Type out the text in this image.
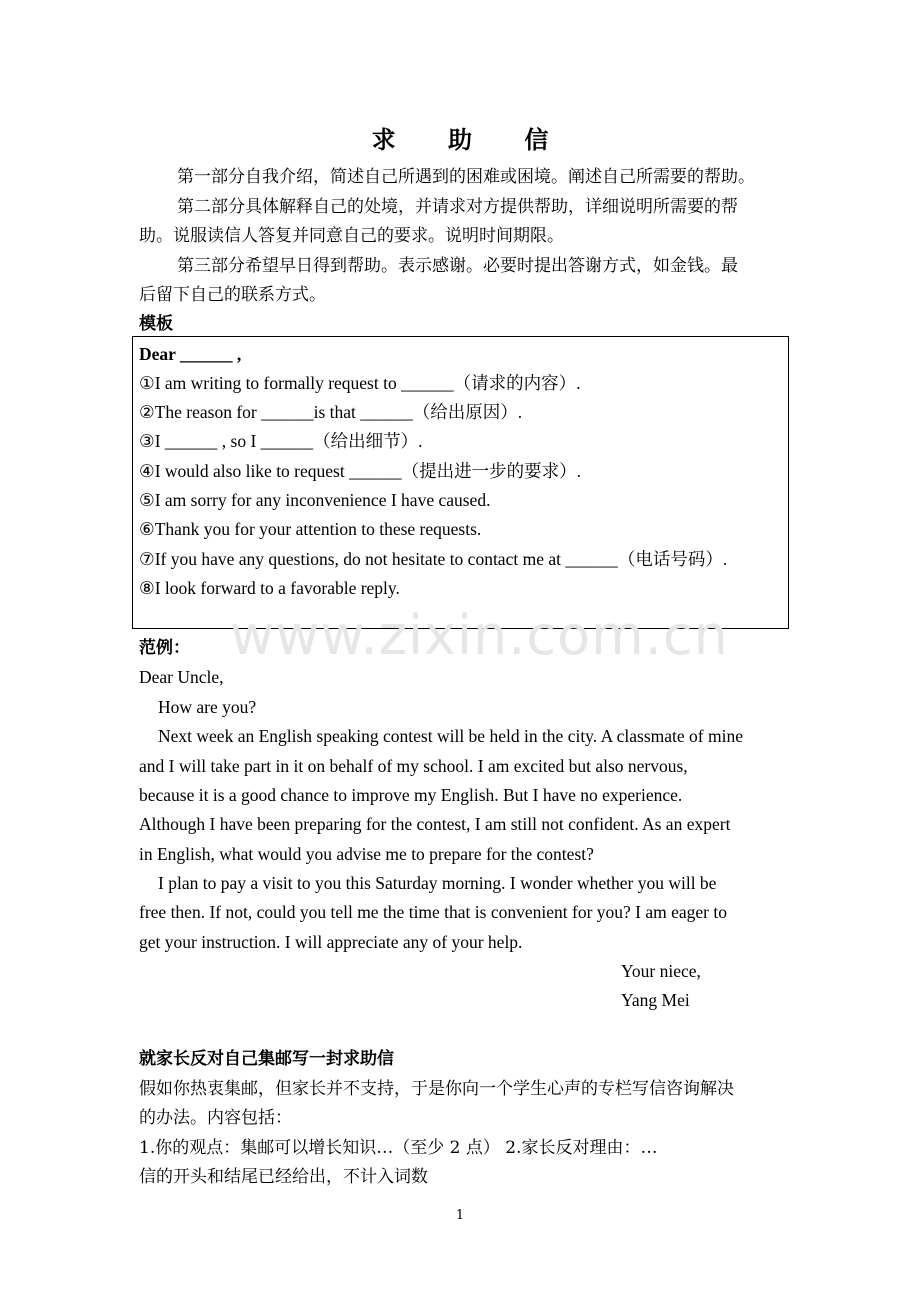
求 助 信
第一部分自我介绍，简述自己所遇到的困难或困境。阐述自己所需要的帮助。
第二部分具体解释自己的处境，并请求对方提供帮助，详细说明所需要的帮
助。说服读信人答复并同意自己的要求。说明时间期限。
第三部分希望早日得到帮助。表示感谢。必要时提出答谢方式，如金钱。最
后留下自己的联系方式。
模板
Dear ______ ,
①I am writing to formally request to ______（请求的内容）.
②The reason for ______is that ______（给出原因）.
③I ______ , so I ______（给出细节）.
④I would also like to request ______（提出进一步的要求）.
⑤I am sorry for any inconvenience I have caused.
⑥Thank you for your attention to these requests.
⑦If you have any questions, do not hesitate to contact me at ______（电话号码）.
⑧I look forward to a favorable reply.
www.zixin.com.cn
范例：
Dear Uncle,
How are you?
Next week an English speaking contest will be held in the city. A classmate of mine
and I will take part in it on behalf of my school. I am excited but also nervous,
because it is a good chance to improve my English. But I have no experience.
Although I have been preparing for the contest, I am still not confident. As an expert
in English, what would you advise me to prepare for the contest?
I plan to pay a visit to you this Saturday morning. I wonder whether you will be
free then. If not, could you tell me the time that is convenient for you? I am eager to
get your instruction. I will appreciate any of your help.
Your niece,
Yang Mei
就家长反对自己集邮写一封求助信
假如你热衷集邮，但家长并不支持，于是你向一个学生心声的专栏写信咨询解决
的办法。内容包括：
1.你的观点：集邮可以增长知识…（至少 2 点） 2.家长反对理由：…
信的开头和结尾已经给出，不计入词数
1
